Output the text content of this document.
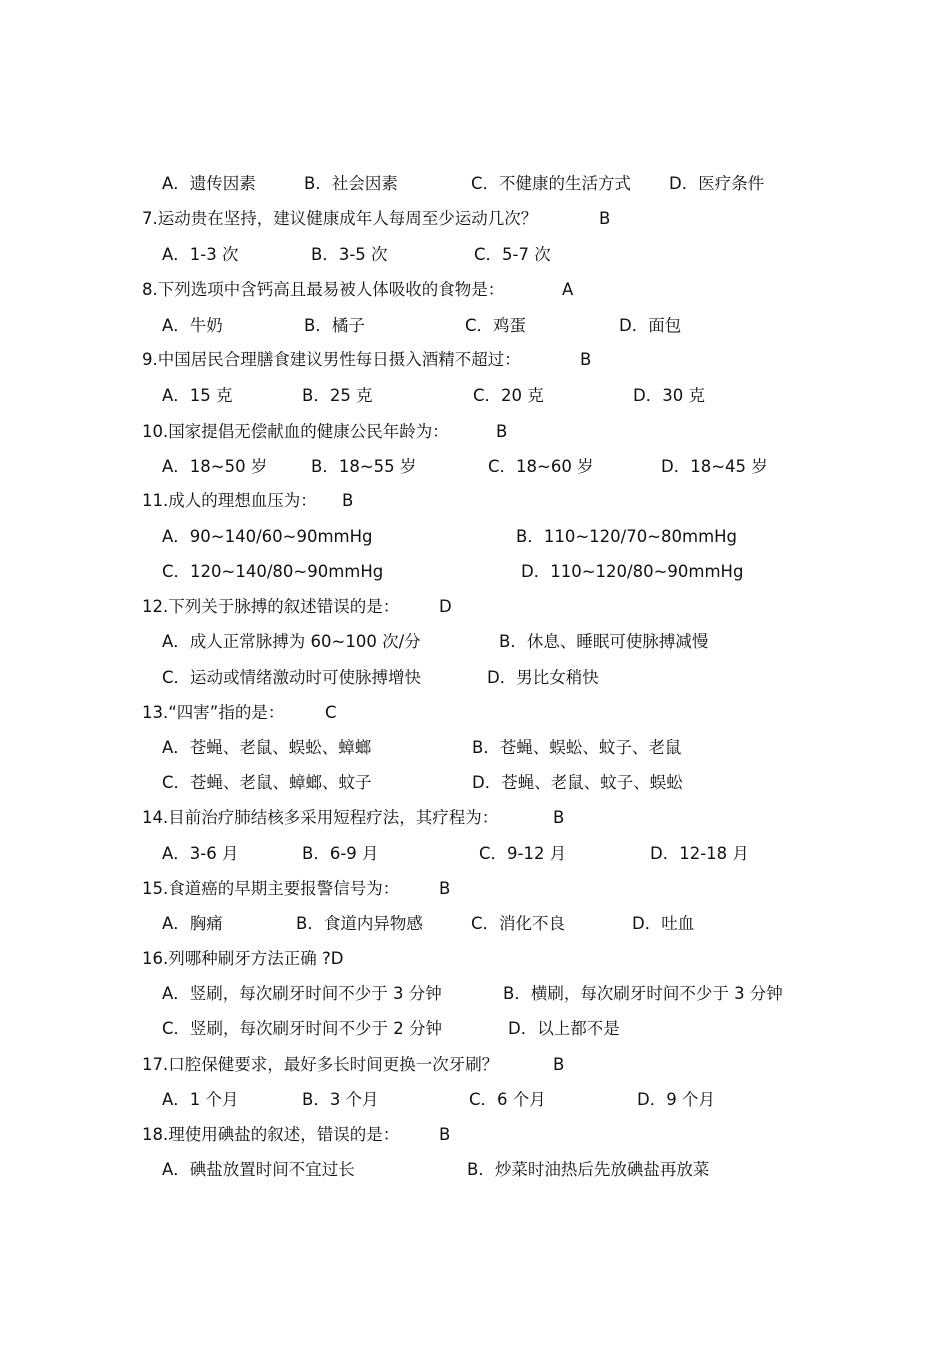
A．遗传因素	B．社会因素	C．不健康的生活方式 D．医疗条件
7.运动贵在坚持，建议健康成年人每周至少运动几次？	B
A．1-3 次	B．3-5 次	C．5-7 次
8.下列选项中含钙高且最易被人体吸收的食物是：	A
A．牛奶	B．橘子	C．鸡蛋	D．面包
9.中国居民合理膳食建议男性每日摄入酒精不超过：	B
A．15 克	B．25 克	C．20 克	D．30 克
10.国家提倡无偿献血的健康公民年龄为：	B
A．18~50 岁	B．18~55 岁	C．18~60 岁	D．18~45 岁
11.成人的理想血压为： B
A．90~140/60~90mmHg	B．110~120/70~80mmHg
C．120~140/80~90mmHg	D．110~120/80~90mmHg
12.下列关于脉搏的叙述错误的是： D
A．成人正常脉搏为 60~100 次/分	B．休息、睡眠可使脉搏减慢
C．运动或情绪激动时可使脉搏增快	D．男比女稍快
13.“四害”指的是： C
A．苍蝇、老鼠、蜈蚣、蟑螂	B．苍蝇、蜈蚣、蚊子、老鼠
C．苍蝇、老鼠、蟑螂、蚊子	D．苍蝇、老鼠、蚊子、蜈蚣
14.目前治疗肺结核多采用短程疗法，其疗程为：	B
A．3-6 月	B．6-9 月	C．9-12 月	D．12-18 月
15.食道癌的早期主要报警信号为： B
A．胸痛	B．食道内异物感	C．消化不良	D．吐血
16.列哪种刷牙方法正确 ?D
A．竖刷，每次刷牙时间不少于 3 分钟	B．横刷，每次刷牙时间不少于 3 分钟
C．竖刷，每次刷牙时间不少于 2 分钟	D．以上都不是
17.口腔保健要求，最好多长时间更换一次牙刷？	B
A．1 个月	B．3 个月	C．6 个月	D．9 个月
18.理使用碘盐的叙述，错误的是： B
A．碘盐放置时间不宜过长	B．炒菜时油热后先放碘盐再放菜
